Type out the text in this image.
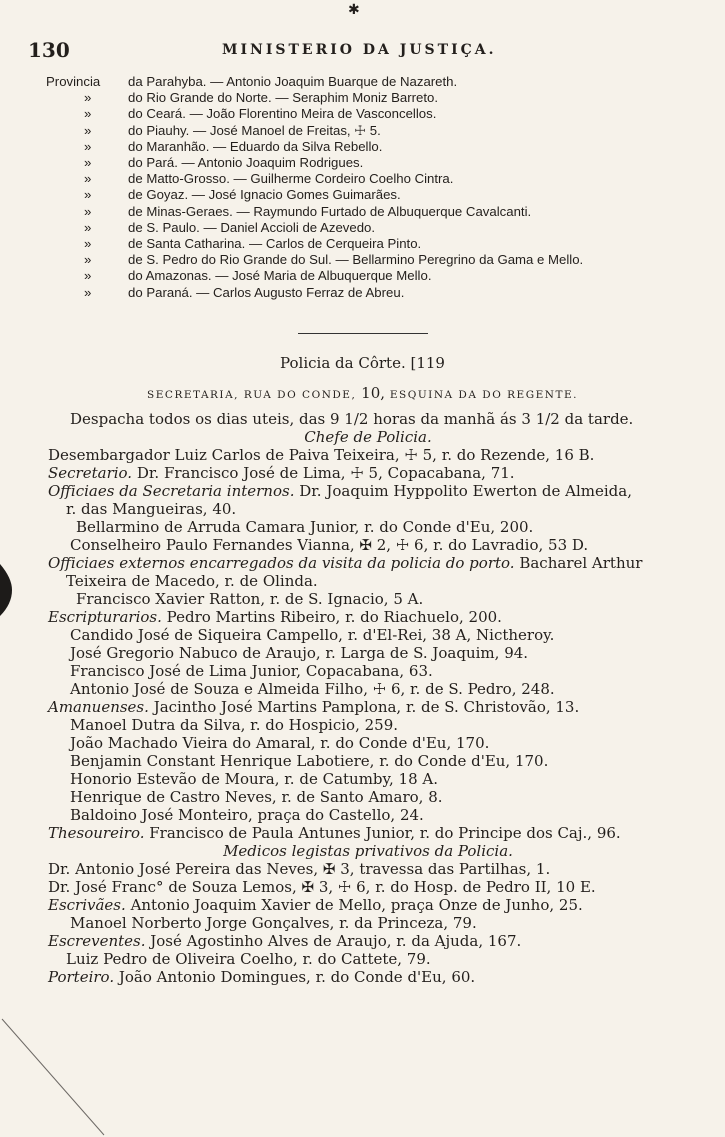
✱
130	MINISTERIO DA JUSTIÇA.
Provincia	da Parahyba. — Antonio Joaquim Buarque de Nazareth.
»	do Rio Grande do Norte. — Seraphim Moniz Barreto.
»	do Ceará. — João Florentino Meira de Vasconcellos.
»	do Piauhy. — José Manoel de Freitas, ☩ 5.
»	do Maranhão. — Eduardo da Silva Rebello.
»	do Pará. — Antonio Joaquim Rodrigues.
»	de Matto-Grosso. — Guilherme Cordeiro Coelho Cintra.
»	de Goyaz. — José Ignacio Gomes Guimarães.
»	de Minas-Geraes. — Raymundo Furtado de Albuquerque Cavalcanti.
»	de S. Paulo. — Daniel Accioli de Azevedo.
»	de Santa Catharina. — Carlos de Cerqueira Pinto.
»	de S. Pedro do Rio Grande do Sul. — Bellarmino Peregrino da Gama e Mello.
»	do Amazonas. — José Maria de Albuquerque Mello.
»	do Paraná. — Carlos Augusto Ferraz de Abreu.
Policia da Côrte. [119
SECRETARIA, RUA DO CONDE, 10, ESQUINA DA DO REGENTE.
Despacha todos os dias uteis, das 9 1/2 horas da manhã ás 3 1/2 da tarde.
Chefe de Policia.
Desembargador Luiz Carlos de Paiva Teixeira, ☩ 5, r. do Rezende, 16 B.
Secretario. Dr. Francisco José de Lima, ☩ 5, Copacabana, 71.
Officiaes da Secretaria internos. Dr. Joaquim Hyppolito Ewerton de Almeida,
r. das Mangueiras, 40.
Bellarmino de Arruda Camara Junior, r. do Conde d'Eu, 200.
Conselheiro Paulo Fernandes Vianna, ✠ 2, ☩ 6, r. do Lavradio, 53 D.
Officiaes externos encarregados da visita da policia do porto. Bacharel Arthur
Teixeira de Macedo, r. de Olinda.
Francisco Xavier Ratton, r. de S. Ignacio, 5 A.
Escripturarios. Pedro Martins Ribeiro, r. do Riachuelo, 200.
Candido José de Siqueira Campello, r. d'El-Rei, 38 A, Nictheroy.
José Gregorio Nabuco de Araujo, r. Larga de S. Joaquim, 94.
Francisco José de Lima Junior, Copacabana, 63.
Antonio José de Souza e Almeida Filho, ☩ 6, r. de S. Pedro, 248.
Amanuenses. Jacintho José Martins Pamplona, r. de S. Christovão, 13.
Manoel Dutra da Silva, r. do Hospicio, 259.
João Machado Vieira do Amaral, r. do Conde d'Eu, 170.
Benjamin Constant Henrique Labotiere, r. do Conde d'Eu, 170.
Honorio Estevão de Moura, r. de Catumby, 18 A.
Henrique de Castro Neves, r. de Santo Amaro, 8.
Baldoino José Monteiro, praça do Castello, 24.
Thesoureiro. Francisco de Paula Antunes Junior, r. do Principe dos Caj., 96.
Medicos legistas privativos da Policia.
Dr. Antonio José Pereira das Neves, ✠ 3, travessa das Partilhas, 1.
Dr. José Franc° de Souza Lemos, ✠ 3, ☩ 6, r. do Hosp. de Pedro II, 10 E.
Escrivães. Antonio Joaquim Xavier de Mello, praça Onze de Junho, 25.
Manoel Norberto Jorge Gonçalves, r. da Princeza, 79.
Escreventes. José Agostinho Alves de Araujo, r. da Ajuda, 167.
Luiz Pedro de Oliveira Coelho, r. do Cattete, 79.
Porteiro. João Antonio Domingues, r. do Conde d'Eu, 60.
